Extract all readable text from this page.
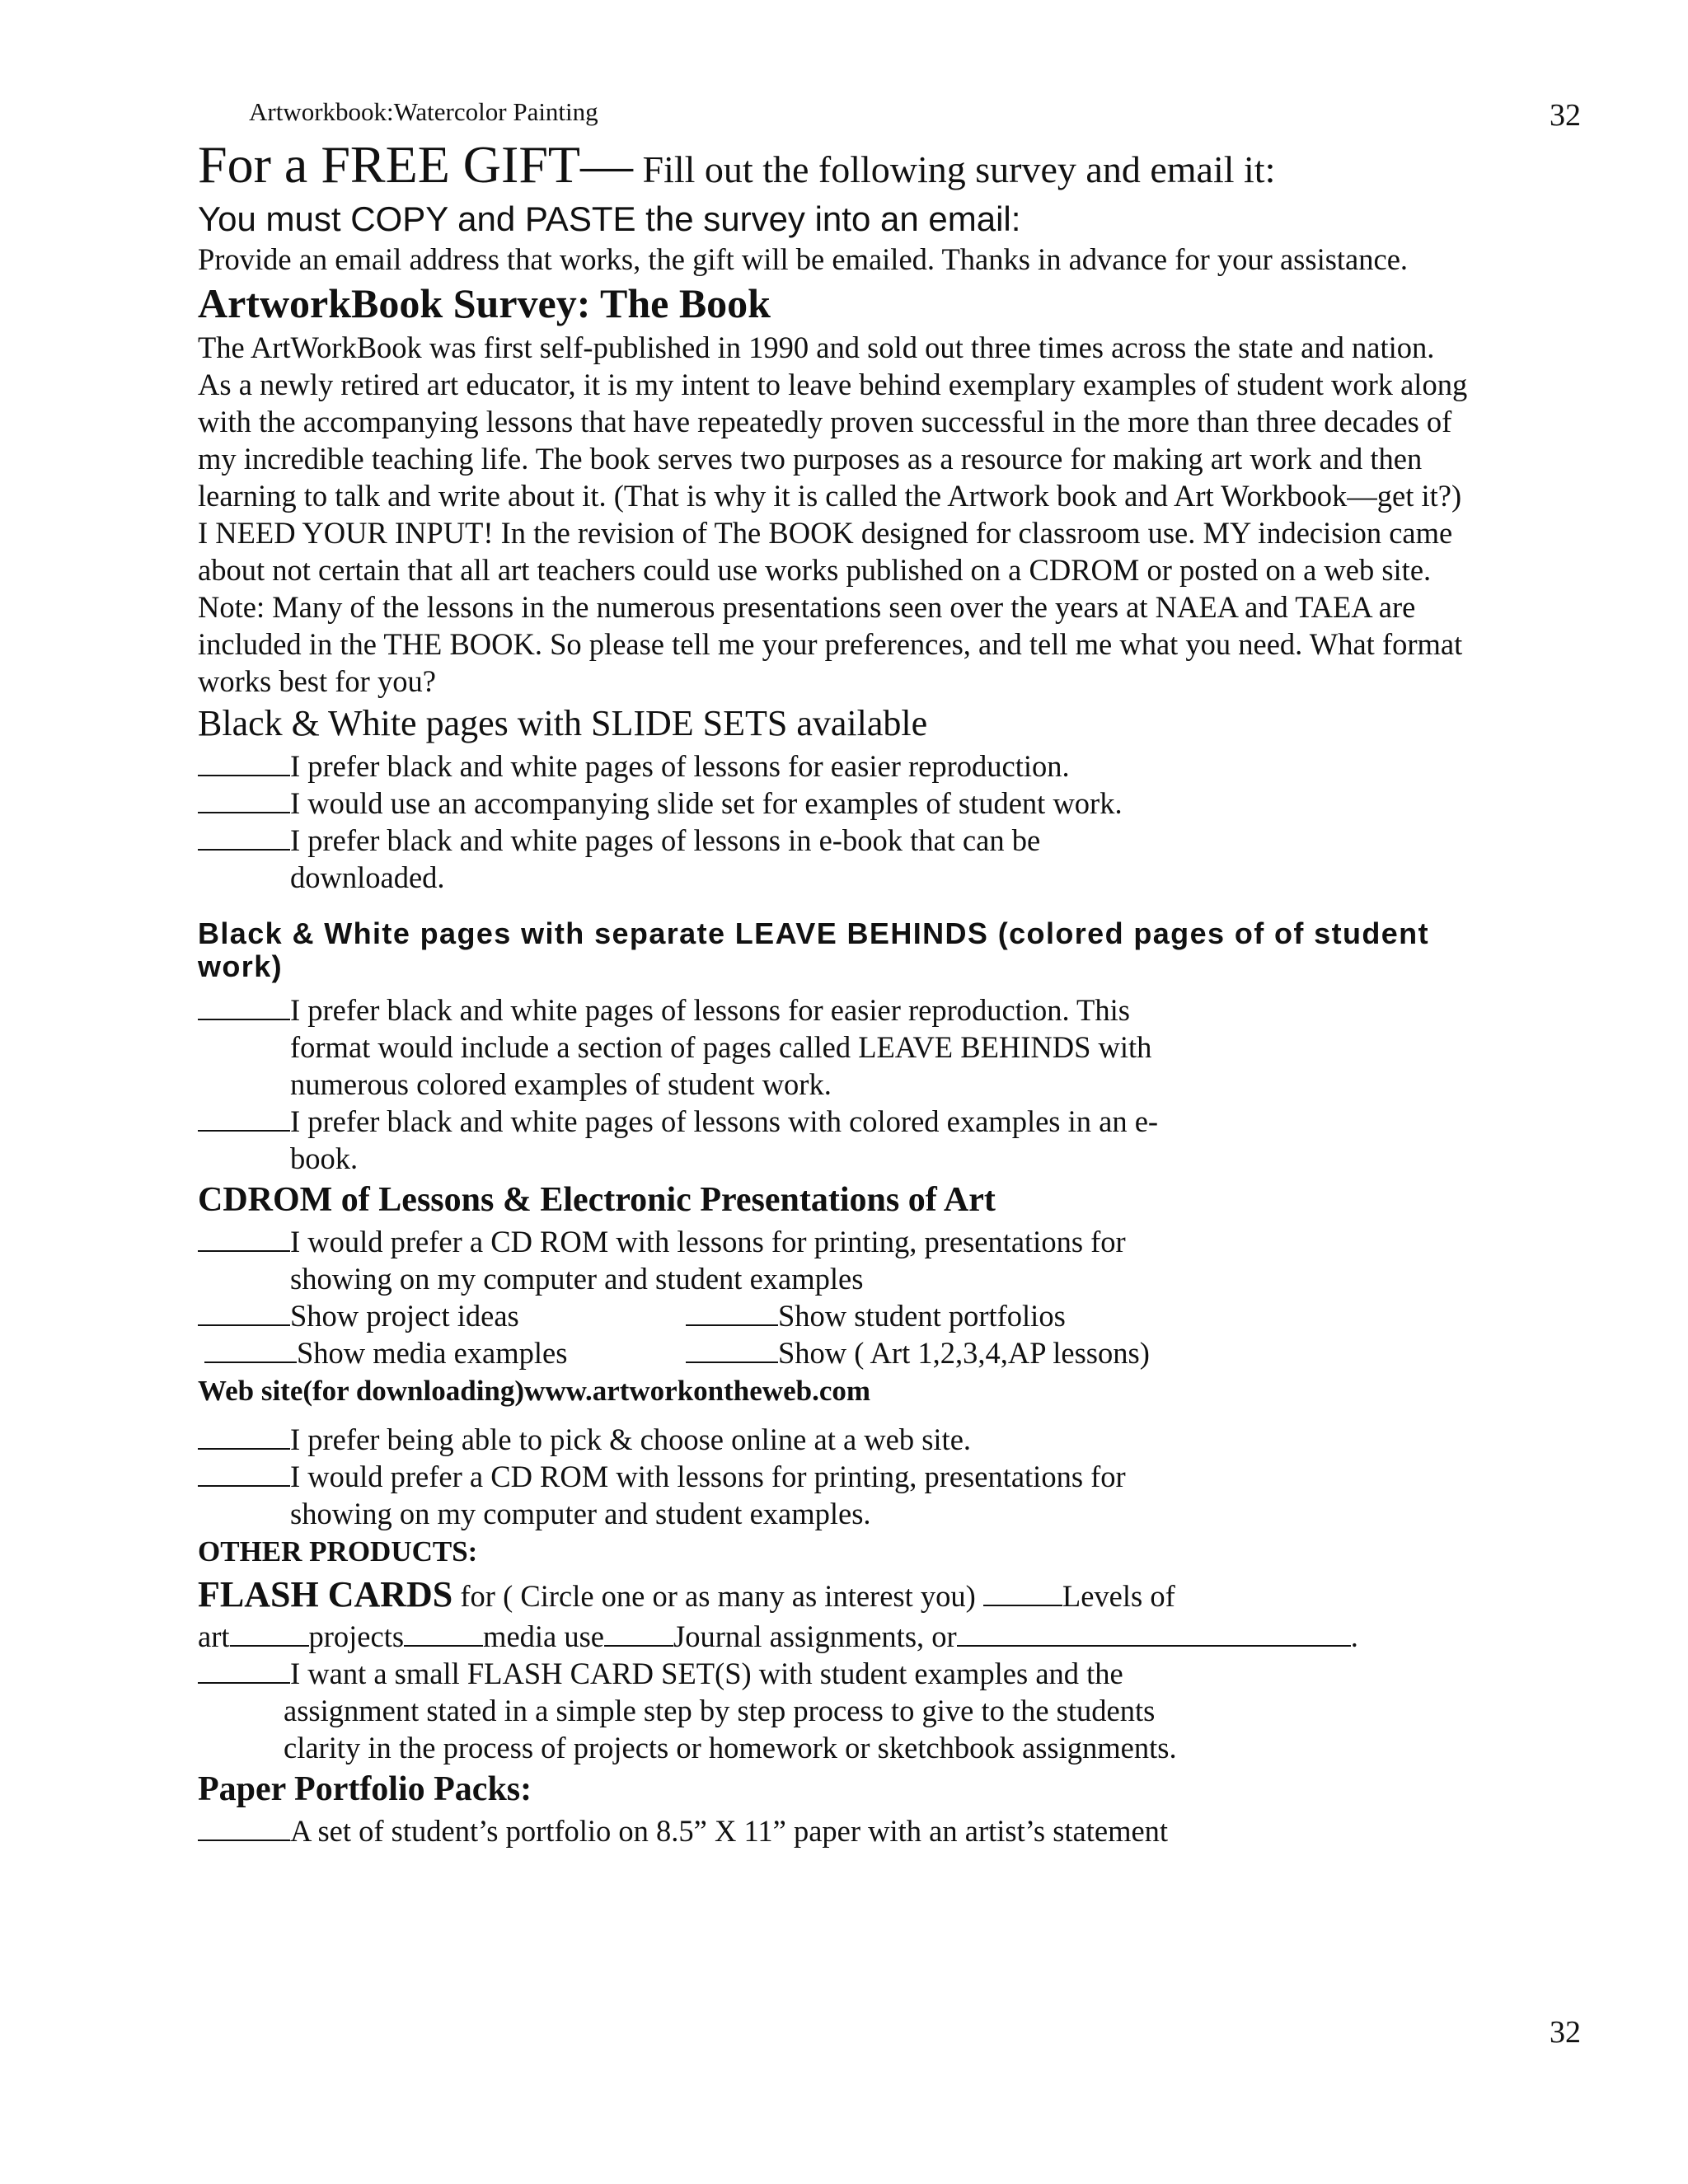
Artworkbook:Watercolor Painting	32
For a FREE GIFT— Fill out the following survey and email it:
You must COPY and PASTE the survey into an email:
Provide an email address that works, the gift will be emailed. Thanks in advance for your assistance.
ArtworkBook Survey: The Book
The ArtWorkBook was first self-published in 1990 and sold out three times across the state and nation.
As a newly retired art educator, it is my intent to leave behind exemplary examples of student work along
with the accompanying lessons that have repeatedly proven successful in the more than three decades of
my incredible teaching life. The book serves two purposes as a resource for making art work and then
learning to talk and write about it. (That is why it is called the Artwork book and Art Workbook—get it?)
I NEED YOUR INPUT! In the revision of The BOOK designed for classroom use. MY indecision came
about not certain that all art teachers could use works published on a CDROM or posted on a web site.
Note: Many of the lessons in the numerous presentations seen over the years at NAEA and TAEA are
included in the THE BOOK. So please tell me your preferences, and tell me what you need. What format
works best for you?
Black & White pages with SLIDE SETS available
I prefer black and white pages of lessons for easier reproduction.
I would use an accompanying slide set for examples of student work.
I prefer black and white pages of lessons in e-book that can be
downloaded.
Black & White pages with separate LEAVE BEHINDS (colored pages of of student work)
I prefer black and white pages of lessons for easier reproduction. This
format would include a section of pages called LEAVE BEHINDS with
numerous colored examples of student work.
I prefer black and white pages of lessons with colored examples in an e-
book.
CDROM of Lessons & Electronic Presentations of Art
I would prefer a CD ROM with lessons for printing, presentations for
showing on my computer and student examples
Show project ideas	Show student portfolios
Show media examples	Show ( Art 1,2,3,4,AP lessons)
Web site(for downloading)www.artworkontheweb.com
I prefer being able to pick & choose online at a web site.
I would prefer a CD ROM with lessons for printing, presentations for
showing on my computer and student examples.
OTHER PRODUCTS:
FLASH CARDS for ( Circle one or as many as interest you)	Levels of
art	projects	media use Journal assignments, or	.
I want a small FLASH CARD SET(S) with student examples and the
assignment stated in a simple step by step process to give to the students
clarity in the process of projects or homework or sketchbook assignments.
Paper Portfolio Packs:
A set of student’s portfolio on 8.5” X 11” paper with an artist’s statement
32
